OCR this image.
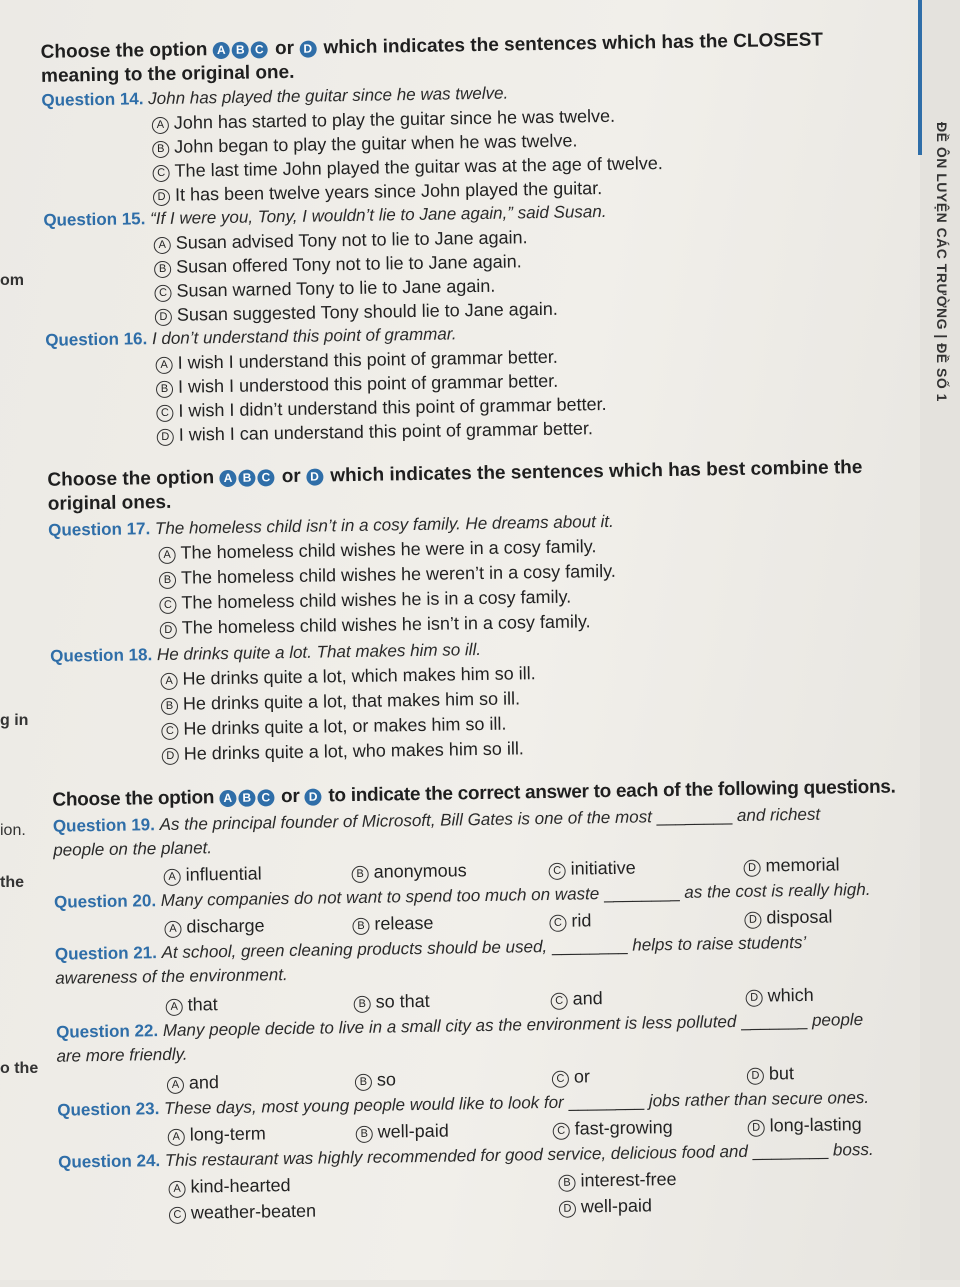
ĐỀ ÔN LUYỆN CÁC TRƯỜNG | ĐỀ SỐ 1
om
g in
ion.
the
o the
Choose the option A B C or D which indicates the sentences which has the CLOSEST meaning to the original one.
Question 14. John has played the guitar since he was twelve.
A John has started to play the guitar since he was twelve.
B John began to play the guitar when he was twelve.
C The last time John played the guitar was at the age of twelve.
D It has been twelve years since John played the guitar.
Question 15. “If I were you, Tony, I wouldn’t lie to Jane again,” said Susan.
A Susan advised Tony not to lie to Jane again.
B Susan offered Tony not to lie to Jane again.
C Susan warned Tony to lie to Jane again.
D Susan suggested Tony should lie to Jane again.
Question 16. I don’t understand this point of grammar.
A I wish I understand this point of grammar better.
B I wish I understood this point of grammar better.
C I wish I didn’t understand this point of grammar better.
D I wish I can understand this point of grammar better.
Choose the option A B C or D which indicates the sentences which has best combine the original ones.
Question 17. The homeless child isn’t in a cosy family. He dreams about it.
A The homeless child wishes he were in a cosy family.
B The homeless child wishes he weren’t in a cosy family.
C The homeless child wishes he is in a cosy family.
D The homeless child wishes he isn’t in a cosy family.
Question 18. He drinks quite a lot. That makes him so ill.
A He drinks quite a lot, which makes him so ill.
B He drinks quite a lot, that makes him so ill.
C He drinks quite a lot, or makes him so ill.
D He drinks quite a lot, who makes him so ill.
Choose the option A B C or D to indicate the correct answer to each of the following questions.
Question 19. As the principal founder of Microsoft, Bill Gates is one of the most ________ and richest
people on the planet.
A influential	B anonymous	C initiative	D memorial
Question 20. Many companies do not want to spend too much on waste ________ as the cost is really high.
A discharge	B release	C rid	D disposal
Question 21. At school, green cleaning products should be used, ________ helps to raise students’
awareness of the environment.
A that	B so that	C and	D which
Question 22. Many people decide to live in a small city as the environment is less polluted _______ people
are more friendly.
A and	B so	C or	D but
Question 23. These days, most young people would like to look for ________ jobs rather than secure ones.
A long-term	B well-paid	C fast-growing	D long-lasting
Question 24. This restaurant was highly recommended for good service, delicious food and ________ boss.
A kind-hearted	B interest-free
C weather-beaten	D well-paid
